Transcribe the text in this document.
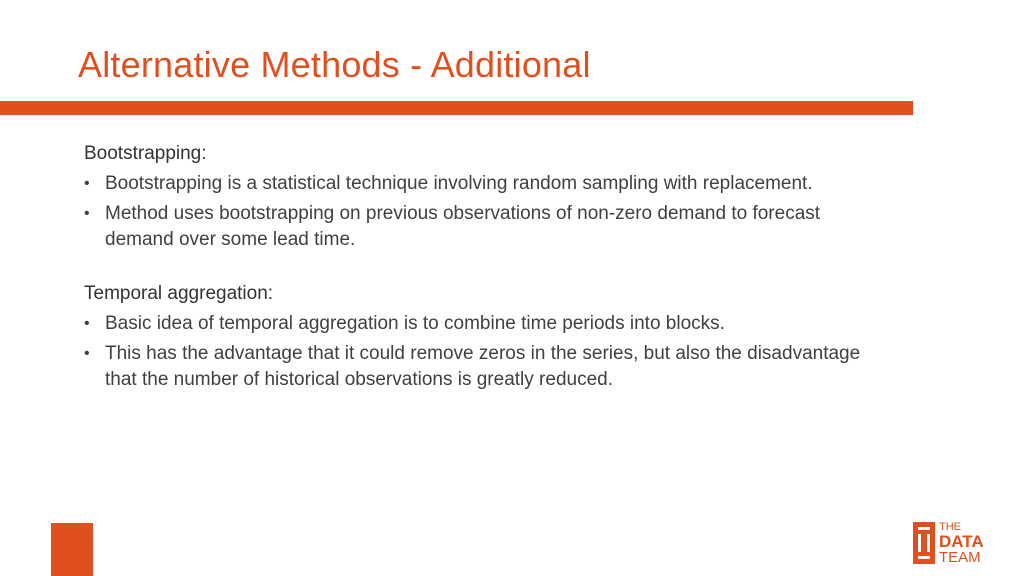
Alternative Methods - Additional
Bootstrapping:
• Bootstrapping is a statistical technique involving random sampling with replacement.
• Method uses bootstrapping on previous observations of non-zero demand to forecast demand over some lead time.
Temporal aggregation:
• Basic idea of temporal aggregation is to combine time periods into blocks.
• This has the advantage that it could remove zeros in the series, but also the disadvantage that the number of historical observations is greatly reduced.
THE
DATA
TEAM
